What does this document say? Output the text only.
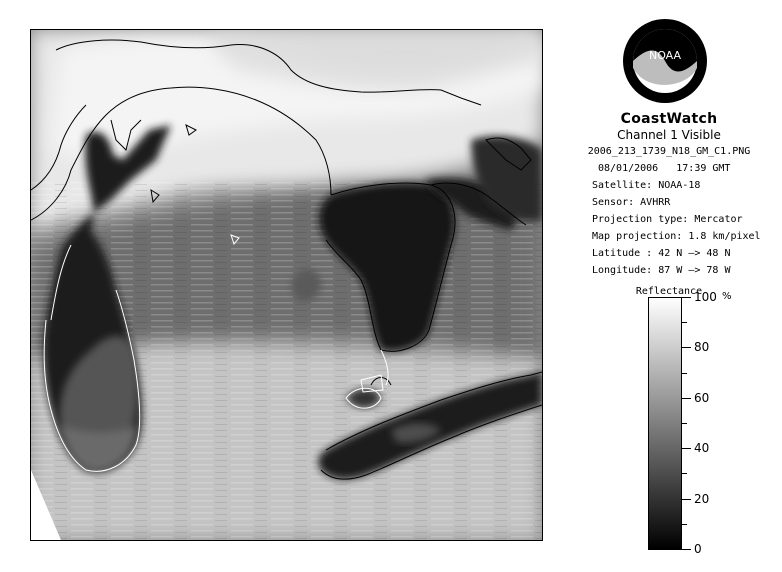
NOAA
CoastWatch
Channel 1 Visible
2006_213_1739_N18_GM_C1.PNG
08/01/2006   17:39 GMT
Satellite: NOAA-18
Sensor: AVHRR
Projection type: Mercator
Map projection: 1.8 km/pixel
Latitude : 42 N –> 48 N
Longitude: 87 W –> 78 W
Reflectance	%
100
80
60
40
20
0
